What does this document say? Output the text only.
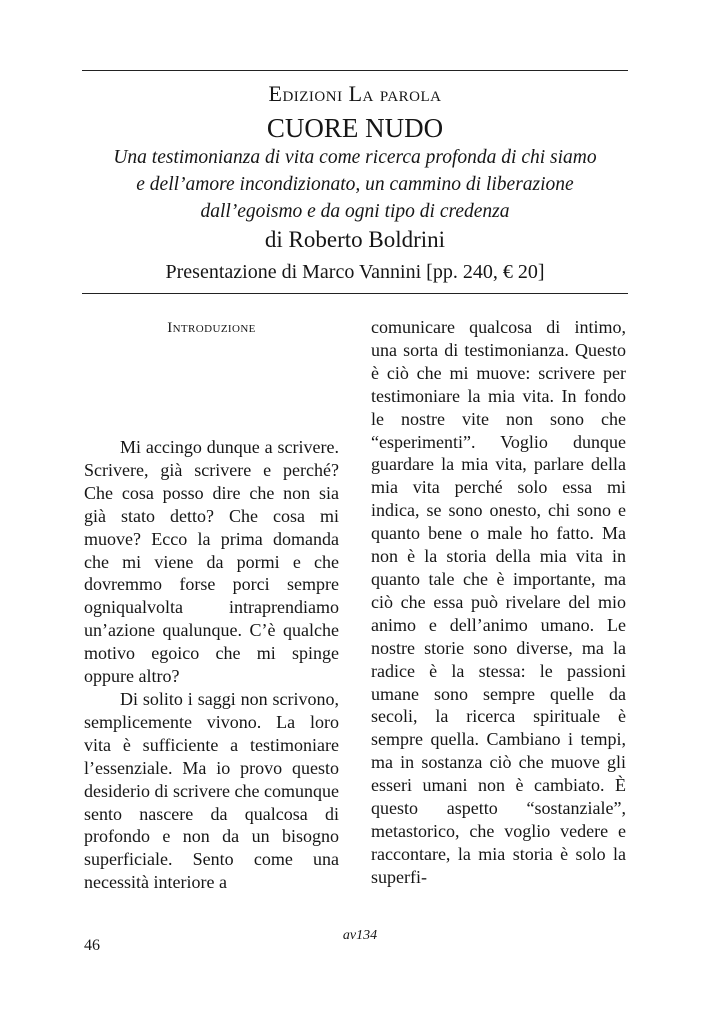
Edizioni La parola
CUORE NUDO
Una testimonianza di vita come ricerca profonda di chi siamo
e dell’amore incondizionato, un cammino di liberazione
dall’egoismo e da ogni tipo di credenza
di Roberto Boldrini
Presentazione di Marco Vannini [pp. 240, € 20]
Introduzione

Mi accingo dunque a scrivere. Scrivere, già scrivere e perché? Che cosa posso dire che non sia già stato detto? Che cosa mi muove? Ecco la prima domanda che mi viene da pormi e che dovremmo forse porci sempre ogniqualvolta intraprendiamo un’azione qualunque. C’è qualche motivo egoico che mi spinge oppure altro?

Di solito i saggi non scrivono, semplicemente vivono. La loro vita è sufficiente a testimoniare l’essenziale. Ma io provo questo desiderio di scrivere che comunque sento nascere da qualcosa di profondo e non da un bisogno superficiale. Sento come una necessità interiore a

comunicare qualcosa di intimo, una sorta di testimonianza. Questo è ciò che mi muove: scrivere per testimoniare la mia vita. In fondo le nostre vite non sono che “esperimenti”. Voglio dunque guardare la mia vita, parlare della mia vita perché solo essa mi indica, se sono onesto, chi sono e quanto bene o male ho fatto. Ma non è la storia della mia vita in quanto tale che è importante, ma ciò che essa può rivelare del mio animo e dell’animo umano. Le nostre storie sono diverse, ma la radice è la stessa: le passioni umane sono sempre quelle da secoli, la ricerca spirituale è sempre quella. Cambiano i tempi, ma in sostanza ciò che muove gli esseri umani non è cambiato. È questo aspetto “sostanziale”, metastorico, che voglio vedere e raccontare, la mia storia è solo la superfi-

av134
46
